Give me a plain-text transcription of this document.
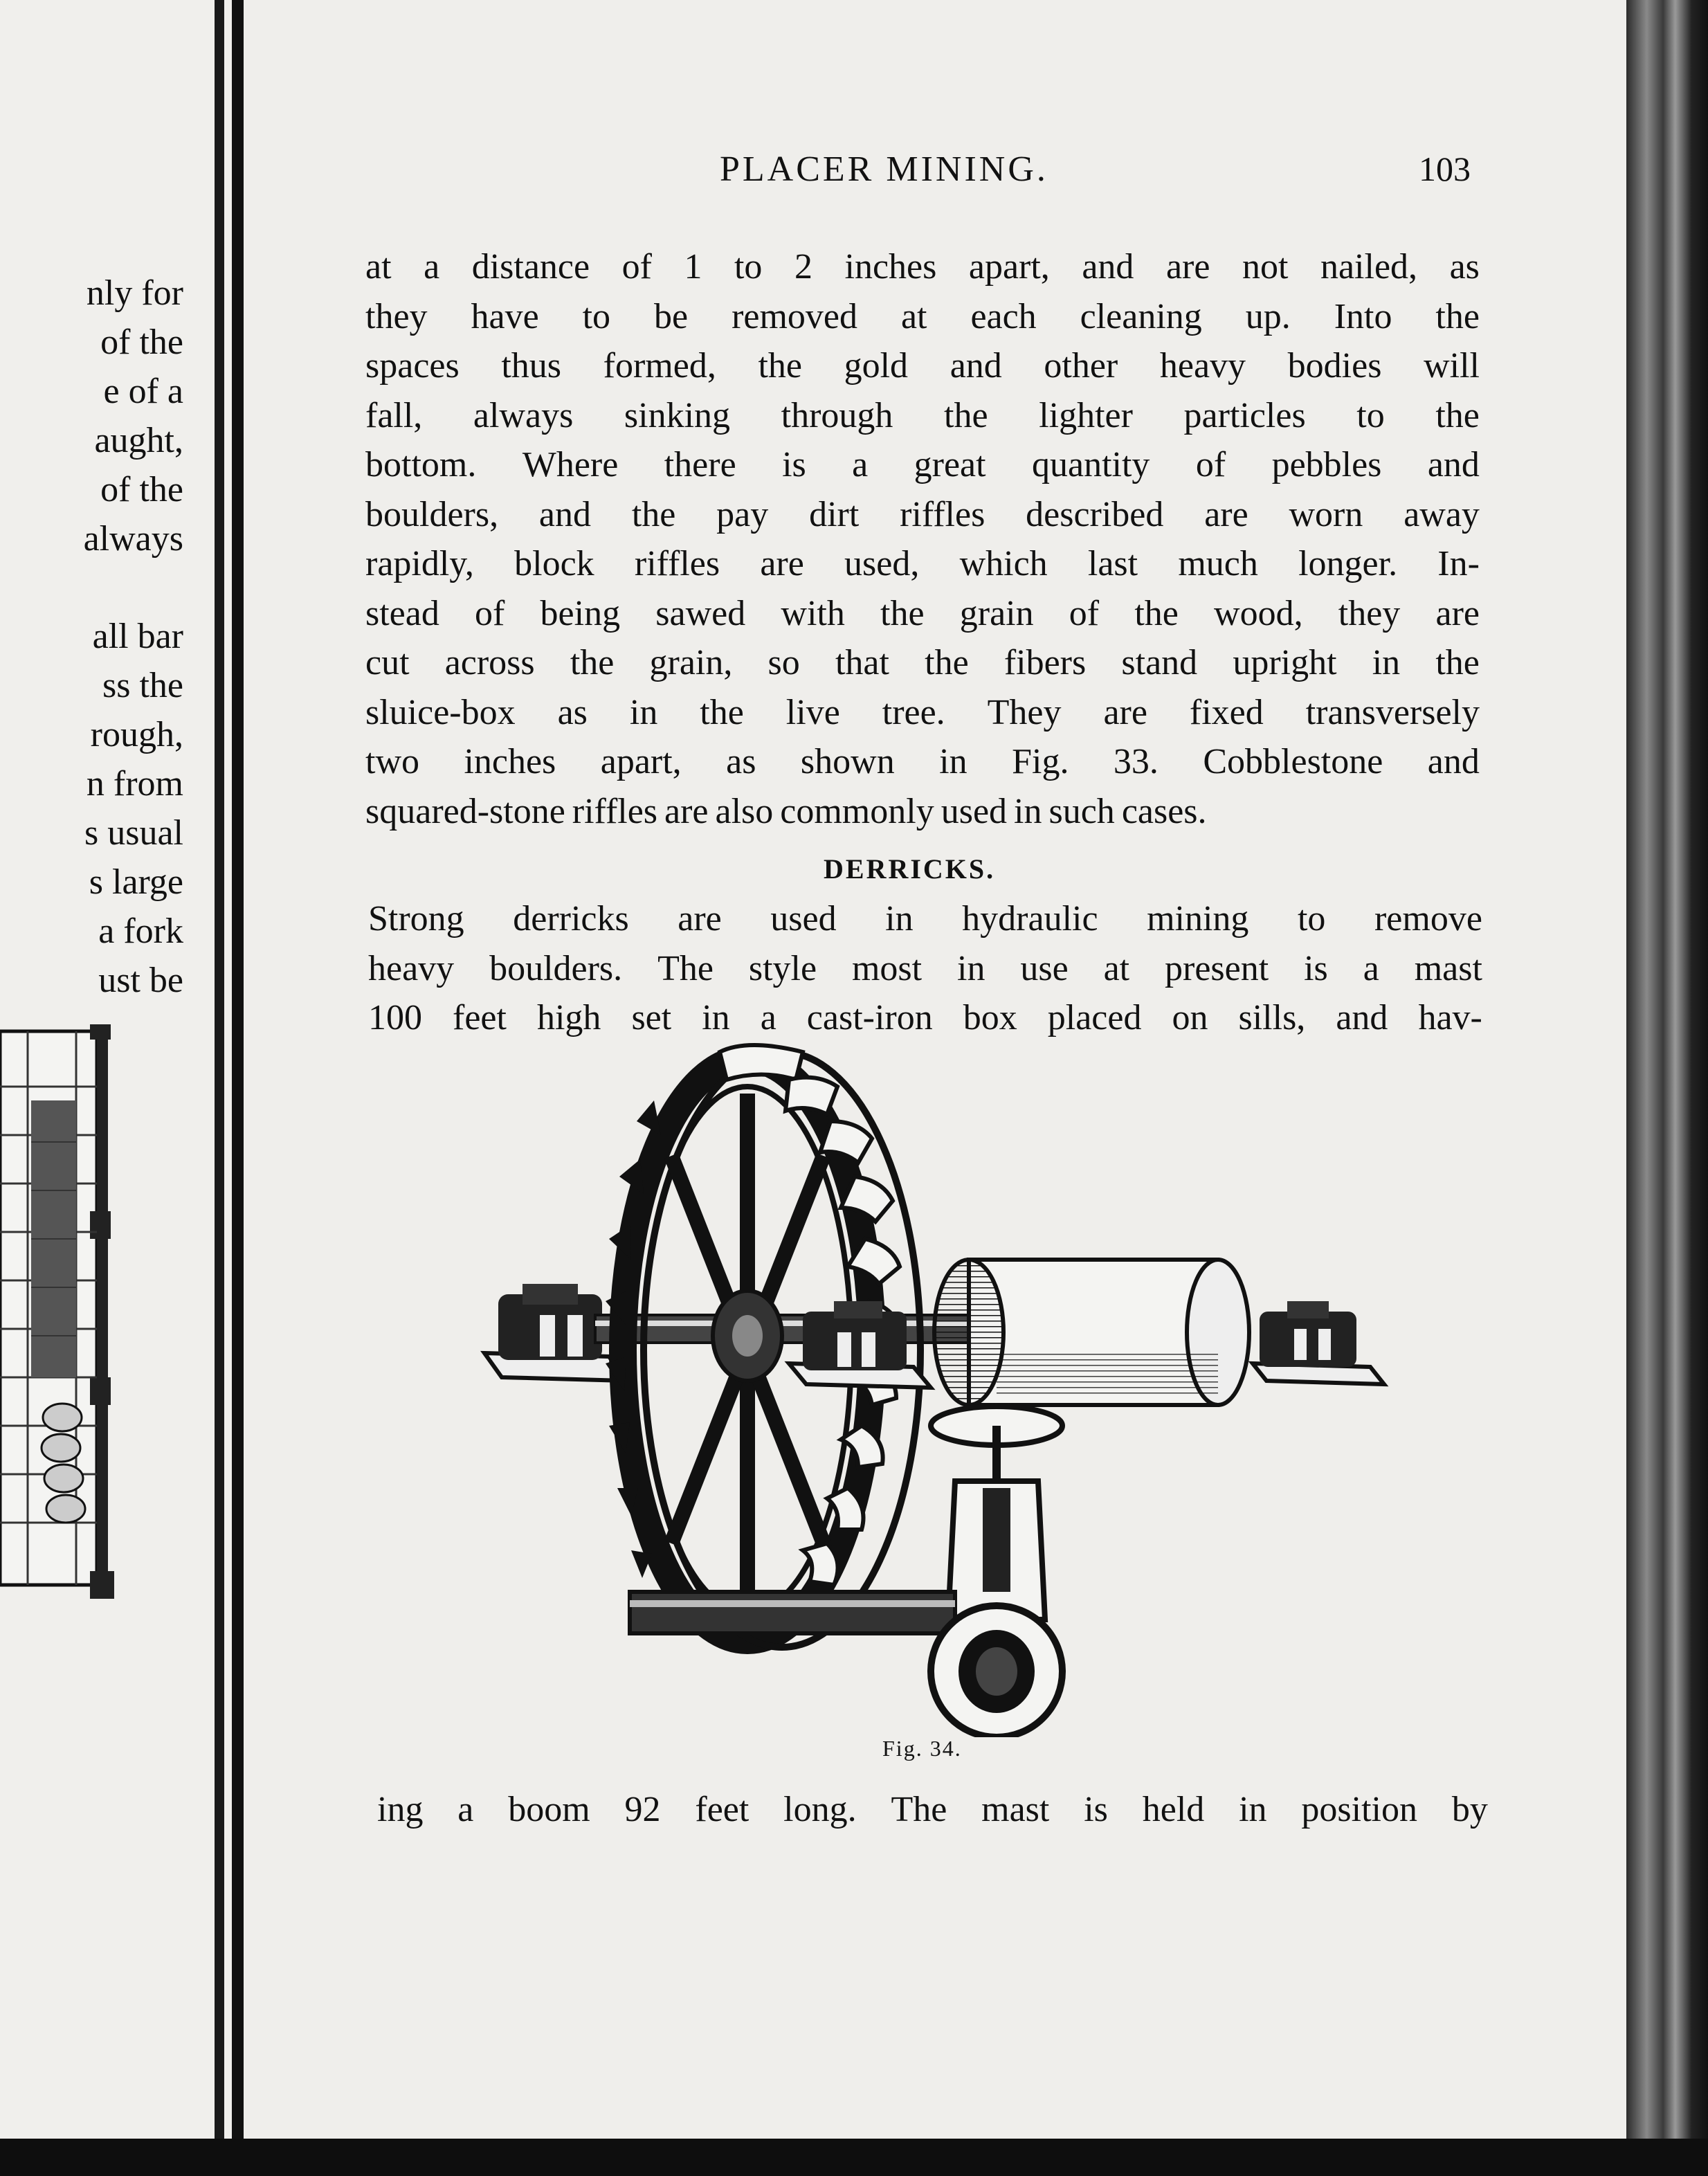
nly for
of the
e of a
aught,
of the
always
all bar
ss the
rough,
n from
s usual
s large
a fork
ust be
PLACER MINING.	103
at a distance of 1 to 2 inches apart, and are not nailed, as
they have to be removed at each cleaning up. Into the
spaces thus formed, the gold and other heavy bodies will
fall, always sinking through the lighter particles to the
bottom. Where there is a great quantity of pebbles and
boulders, and the pay dirt riffles described are worn away
rapidly, block riffles are used, which last much longer. In-
stead of being sawed with the grain of the wood, they are
cut across the grain, so that the fibers stand upright in the
sluice-box as in the live tree. They are fixed transversely
two inches apart, as shown in Fig. 33. Cobblestone and
squared-stone riffles are also commonly used in such cases.
DERRICKS.
Strong derricks are used in hydraulic mining to remove
heavy boulders. The style most in use at present is a mast
100 feet high set in a cast-iron box placed on sills, and hav-
Fig. 34.
ing a boom 92 feet long. The mast is held in position by
